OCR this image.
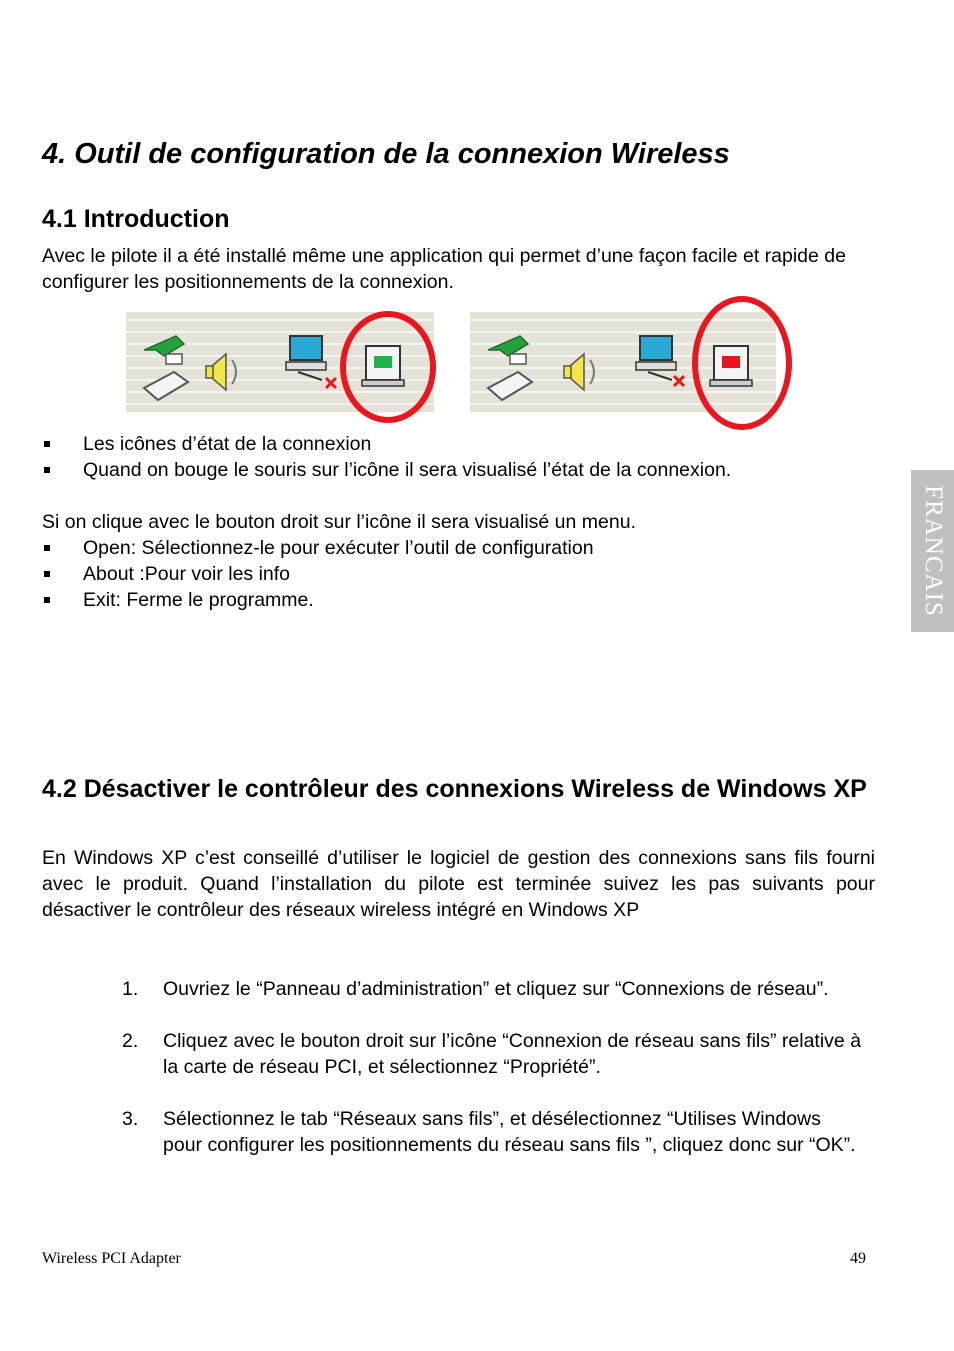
4. Outil de configuration de la connexion Wireless
4.1 Introduction
Avec le pilote il a été installé même une application qui permet d’une façon facile et rapide de configurer les positionnements de la connexion.
Les icônes d’état de la connexion
Quand on bouge le souris sur l’icône il sera visualisé l’état de la connexion.
Si on clique avec le bouton droit sur l’icône il sera visualisé un menu.
Open: Sélectionnez-le pour exécuter l’outil de configuration
About :Pour voir les info
Exit: Ferme le programme.
4.2 Désactiver le contrôleur des connexions Wireless de Windows XP
En Windows XP c’est conseillé d’utiliser le logiciel de gestion des connexions sans fils fourni avec le produit. Quand l’installation du pilote est terminée suivez les pas suivants pour désactiver le contrôleur des réseaux wireless intégré en Windows XP
1. Ouvriez le “Panneau d’administration” et cliquez sur “Connexions de réseau”.
2. Cliquez avec le bouton droit sur l’icône “Connexion de réseau sans fils” relative à la carte de réseau PCI, et sélectionnez “Propriété”.
3. Sélectionnez le tab “Réseaux sans fils”, et désélectionnez “Utilises Windows pour configurer les positionnements du réseau sans fils ”, cliquez donc sur “OK”.
FRANCAIS
Wireless PCI Adapter	49
